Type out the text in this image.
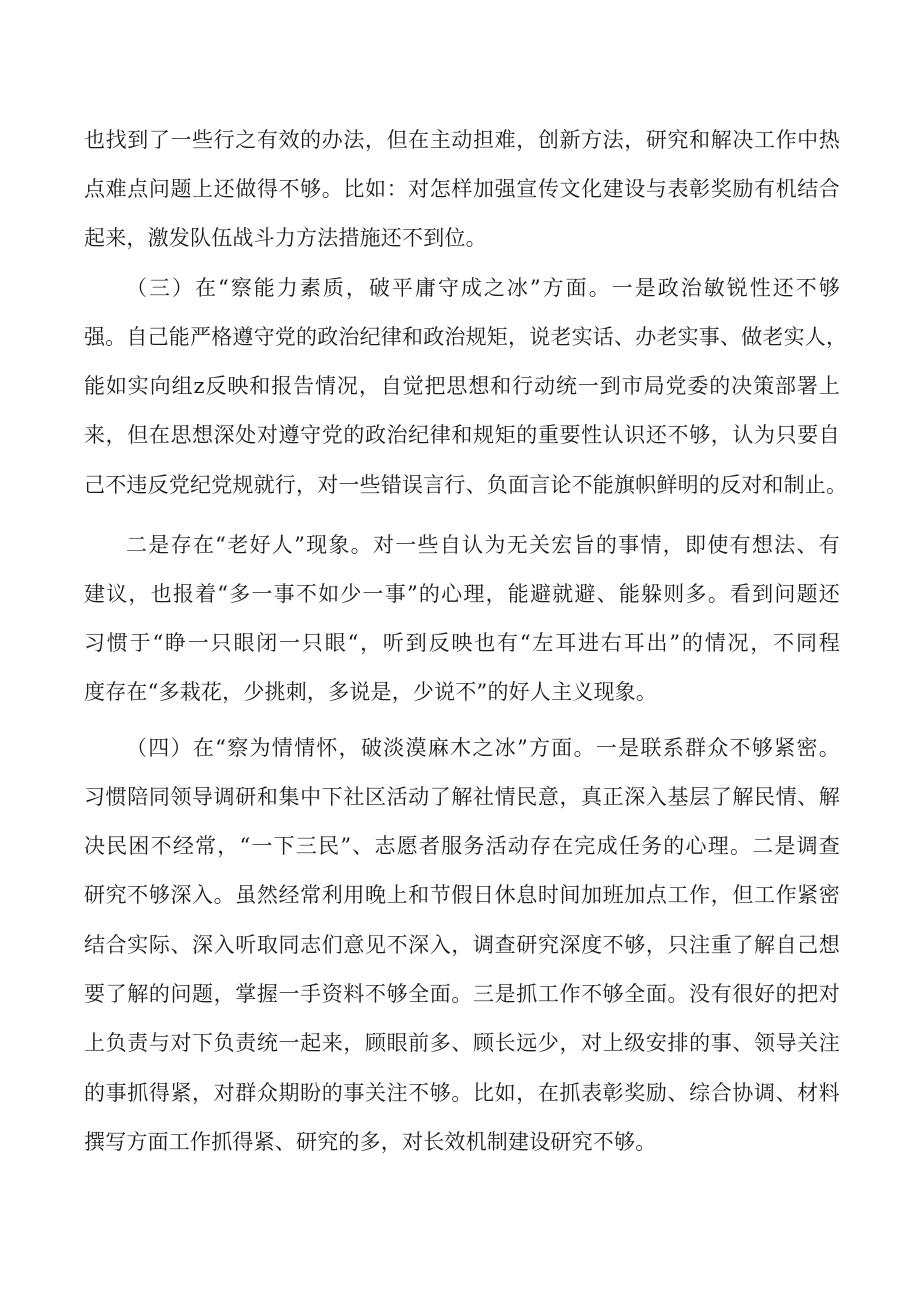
也找到了一些行之有效的办法，但在主动担难，创新方法，研究和解决工作中热
点难点问题上还做得不够。比如：对怎样加强宣传文化建设与表彰奖励有机结合
起来，激发队伍战斗力方法措施还不到位。
（三）在“察能力素质，破平庸守成之冰”方面。一是政治敏锐性还不够
强。自己能严格遵守党的政治纪律和政治规矩，说老实话、办老实事、做老实人，
能如实向组z反映和报告情况，自觉把思想和行动统一到市局党委的决策部署上
来，但在思想深处对遵守党的政治纪律和规矩的重要性认识还不够，认为只要自
己不违反党纪党规就行，对一些错误言行、负面言论不能旗帜鲜明的反对和制止。
二是存在“老好人”现象。对一些自认为无关宏旨的事情，即使有想法、有
建议，也报着“多一事不如少一事”的心理，能避就避、能躲则多。看到问题还
习惯于“睁一只眼闭一只眼“，听到反映也有“左耳进右耳出”的情况，不同程
度存在“多栽花，少挑刺，多说是，少说不”的好人主义现象。
（四）在“察为情情怀，破淡漠麻木之冰”方面。一是联系群众不够紧密。
习惯陪同领导调研和集中下社区活动了解社情民意，真正深入基层了解民情、解
决民困不经常，“一下三民”、志愿者服务活动存在完成任务的心理。二是调查
研究不够深入。虽然经常利用晚上和节假日休息时间加班加点工作，但工作紧密
结合实际、深入听取同志们意见不深入，调查研究深度不够，只注重了解自己想
要了解的问题，掌握一手资料不够全面。三是抓工作不够全面。没有很好的把对
上负责与对下负责统一起来，顾眼前多、顾长远少，对上级安排的事、领导关注
的事抓得紧，对群众期盼的事关注不够。比如，在抓表彰奖励、综合协调、材料
撰写方面工作抓得紧、研究的多，对长效机制建设研究不够。
